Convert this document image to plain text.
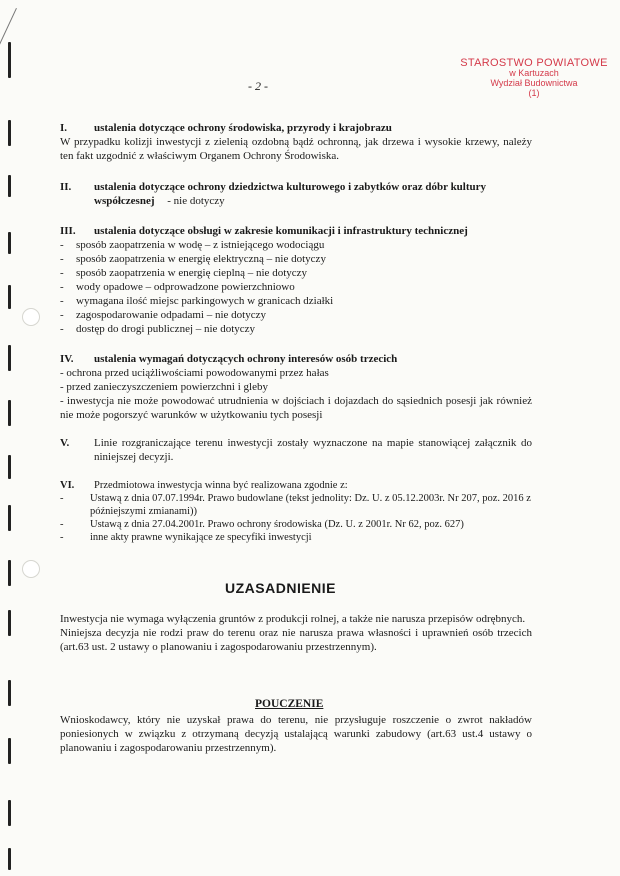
STAROSTWO POWIATOWE
w Kartuzach
Wydział Budownictwa
(1)
- 2 -
I. ustalenia dotyczące ochrony środowiska, przyrody i krajobrazu
W przypadku kolizji inwestycji z zielenią ozdobną bądź ochronną, jak drzewa i wysokie krzewy, należy ten fakt uzgodnić z właściwym Organem Ochrony Środowiska.
II.	ustalenia dotyczące ochrony dziedzictwa kulturowego i zabytków oraz dóbr kultury współczesnej - nie dotyczy
III. ustalenia dotyczące obsługi w zakresie komunikacji i infrastruktury technicznej
- sposób zaopatrzenia w wodę – z istniejącego wodociągu
- sposób zaopatrzenia w energię elektryczną – nie dotyczy
- sposób zaopatrzenia w energię cieplną – nie dotyczy
- wody opadowe – odprowadzone powierzchniowo
- wymagana ilość miejsc parkingowych w granicach działki
- zagospodarowanie odpadami – nie dotyczy
- dostęp do drogi publicznej – nie dotyczy
IV. ustalenia wymagań dotyczących ochrony interesów osób trzecich
- ochrona przed uciążliwościami powodowanymi przez hałas
- przed zanieczyszczeniem powierzchni i gleby
- inwestycja nie może powodować utrudnienia w dojściach i dojazdach do sąsiednich posesji jak również nie może pogorszyć warunków w użytkowaniu tych posesji
V.	Linie rozgraniczające terenu inwestycji zostały wyznaczone na mapie stanowiącej załącznik do niniejszej decyzji.
VI. Przedmiotowa inwestycja winna być realizowana zgodnie z:
-	Ustawą z dnia 07.07.1994r. Prawo budowlane (tekst jednolity: Dz. U. z 05.12.2003r. Nr 207, poz. 2016 z późniejszymi zmianami))
-	Ustawą z dnia 27.04.2001r. Prawo ochrony środowiska (Dz. U. z 2001r. Nr 62, poz. 627)
-	inne akty prawne wynikające ze specyfiki inwestycji
UZASADNIENIE
Inwestycja nie wymaga wyłączenia gruntów z produkcji rolnej, a także nie narusza przepisów odrębnych.
Niniejsza decyzja nie rodzi praw do terenu oraz nie narusza prawa własności i uprawnień osób trzecich (art.63 ust. 2 ustawy o planowaniu i zagospodarowaniu przestrzennym).
POUCZENIE
Wnioskodawcy, który nie uzyskał prawa do terenu, nie przysługuje roszczenie o zwrot nakładów poniesionych w związku z otrzymaną decyzją ustalającą warunki zabudowy (art.63 ust.4 ustawy o planowaniu i zagospodarowaniu przestrzennym).
